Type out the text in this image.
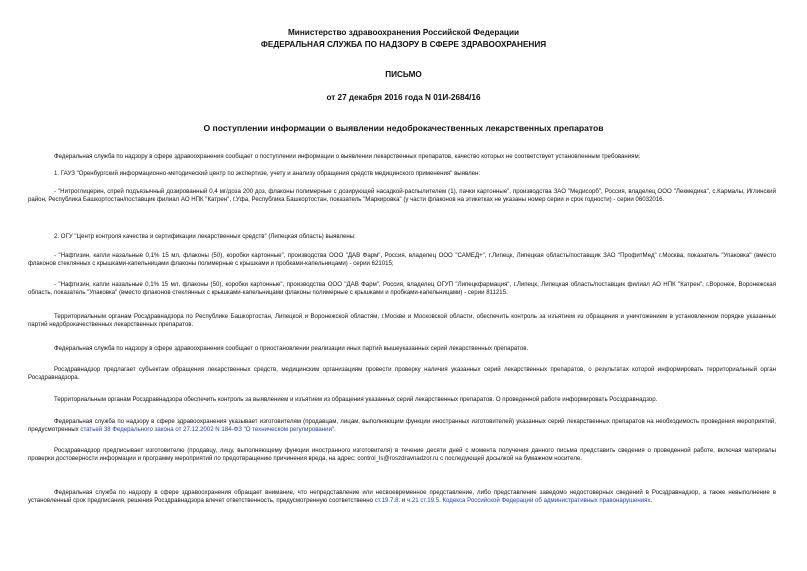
Министерство здравоохранения Российской Федерации
ФЕДЕРАЛЬНАЯ СЛУЖБА ПО НАДЗОРУ В СФЕРЕ ЗДРАВООХРАНЕНИЯ
ПИСЬМО
от 27 декабря 2016 года N 01И-2684/16
О поступлении информации о выявлении недоброкачественных лекарственных препаратов

Федеральная служба по надзору в сфере здравоохранения сообщает о поступлении информации о выявлении лекарственных препаратов, качество которых не соответствует установленным требованиям:

1. ГАУЗ "Оренбургский информационно-методический центр по экспертизе, учету и анализу обращения средств медицинского применения" выявлен:

- "Нитроглицерин, спрей подъязычный дозированный 0,4 мг/доза 200 доз, флаконы полимерные с дозирующей насадкой-распылителем (1), пачки картонные", производства ЗАО "Медисорб", Россия, владелец ООО "Лекмедика", с.Кармалы, Иглинский район, Республика Башкортостан/поставщик филиал АО НПК "Катрен", г.Уфа, Республика Башкортостан, показатель "Маркировка" (у части флаконов на этикетках не указаны номер серии и срок годности) - серии 06032016.

2. ОГУ "Центр контроля качества и сертификации лекарственных средств" (Липецкая область) выявлены:

- "Нафтизин, капли назальные 0,1% 15 мл, флаконы (50), коробки картонные", производства ООО "ДАВ Фарм", Россия, владелец ООО "САМЕД+", г.Липецк, Липецкая область/поставщик ЗАО "ПрофитМед" г.Москва, показатель "Упаковка" (вместо флаконов стеклянных с крышками-капельницами флаконы полимерные с крышками и пробками-капельницами) - серии 621015;

- "Нафтизин, капли назальные 0,1% 15 мл, флаконы (50), коробки картонные", производства ООО "ДАВ Фарм", Россия, владелец ОГУП "Липецкфармация", г.Липецк, Липецкая область/поставщик филиал АО НПК "Катрен", г.Воронеж, Воронежская область, показатель "Упаковка" (вместо флаконов стеклянных с крышками-капельницами флаконы полимерные с крышками и пробками-капельницами) - серии 811215.

Территориальным органам Росздравнадзора по Республике Башкортостан, Липецкой и Воронежской областям, г.Москве и Московской области, обеспечить контроль за изъятием из обращения и уничтожением в установленном порядке указанных партий недоброкачественных лекарственных препаратов.

Федеральная служба по надзору в сфере здравоохранения сообщает о приостановлении реализации иных партий вышеуказанных серий лекарственных препаратов.

Росздравнадзор предлагает субъектам обращения лекарственных средств, медицинским организациям провести проверку наличия указанных серий лекарственных препаратов, о результатах которой информировать территориальный орган Росздравнадзора.

Территориальным органам Росздравнадзора обеспечить контроль за выявлением и изъятием из обращения указанных серий лекарственных препаратов. О проведенной работе информировать Росздравнадзор.

Федеральная служба по надзору в сфере здравоохранения указывает изготовителям (продавцам, лицам, выполняющим функции иностранных изготовителей) указанных серий лекарственных препаратов на необходимость проведения мероприятий, предусмотренных статьей 38 Федерального закона от 27.12.2002 N 184-ФЗ "О техническом регулировании".

Росздравнадзор предписывает изготовителю (продавцу, лицу, выполняющему функции иностранного изготовителя) в течение десяти дней с момента получения данного письма представить сведения о проведенной работе, включая материалы проверки достоверности информации и программу мероприятий по предотвращению причинения вреда, на адрес: control_ls@roszdravnadzor.ru с последующей досылкой на бумажном носителе.

Федеральная служба по надзору в сфере здравоохранения обращает внимание, что непредставление или несвоевременное представление, либо представление заведомо недостоверных сведений в Росздравнадзор, а также невыполнение в установленный срок предписания, решения Росздравнадзора влечет ответственность, предусмотренную соответственно ст.19.7.8. и ч.21 ст.19.5. Кодекса Российской Федерации об административных правонарушениях.
